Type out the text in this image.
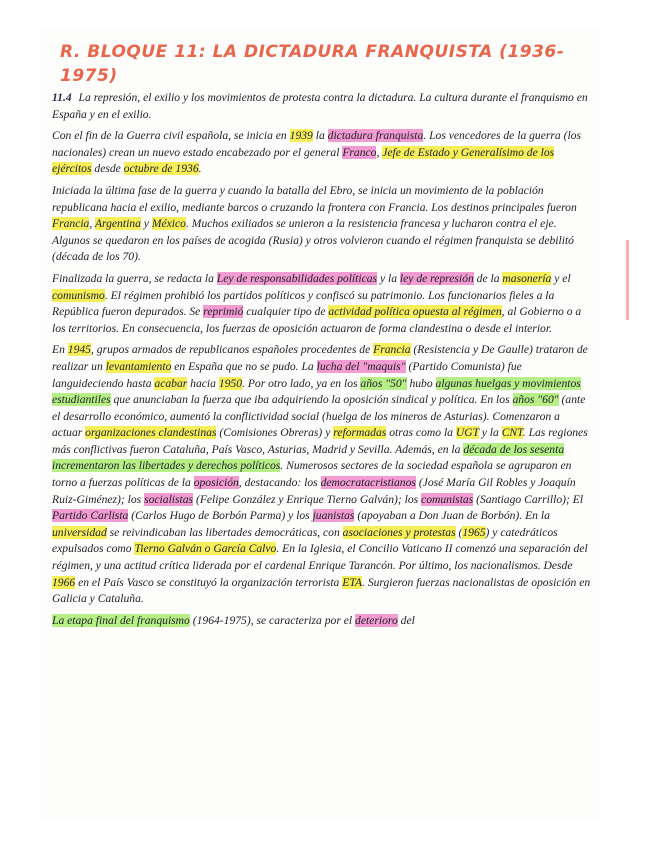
R. BLOQUE 11: LA DICTADURA FRANQUISTA (1936-1975)

11.4 La represión, el exilio y los movimientos de protesta contra la dictadura. La cultura durante el franquismo en España y en el exilio.

Con el fin de la Guerra civil española, se inicia en 1939 la dictadura franquista. Los vencedores de la guerra (los nacionales) crean un nuevo estado encabezado por el general Franco, Jefe de Estado y Generalísimo de los ejércitos desde octubre de 1936.

Iniciada la última fase de la guerra y cuando la batalla del Ebro, se inicia un movimiento de la población republicana hacia el exilio, mediante barcos o cruzando la frontera con Francia. Los destinos principales fueron Francia, Argentina y México. Muchos exiliados se unieron a la resistencia francesa y lucharon contra el eje. Algunos se quedaron en los países de acogida (Rusia) y otros volvieron cuando el régimen franquista se debilitó (década de los 70).

Finalizada la guerra, se redacta la Ley de responsabilidades políticas y la ley de represión de la masonería y el comunismo. El régimen prohibió los partidos políticos y confiscó su patrimonio. Los funcionarios fieles a la República fueron depurados. Se reprimió cualquier tipo de actividad política opuesta al régimen, al Gobierno o a los territorios. En consecuencia, los fuerzas de oposición actuaron de forma clandestina o desde el interior.

En 1945, grupos armados de republicanos españoles procedentes de Francia (Resistencia y De Gaulle) trataron de realizar un levantamiento en España que no se pudo. La lucha del "maquis" (Partido Comunista) fue languideciendo hasta acabar hacia 1950. Por otro lado, ya en los años "50" hubo algunas huelgas y movimientos estudiantiles que anunciaban la fuerza que iba adquiriendo la oposición sindical y política. En los años "60" (ante el desarrollo económico, aumentó la conflictividad social (huelga de los mineros de Asturias). Comenzaron a actuar organizaciones clandestinas (Comisiones Obreras) y reformadas otras como la UGT y la CNT. Las regiones más conflictivas fueron Cataluña, País Vasco, Asturias, Madrid y Sevilla. Además, en la década de los sesenta incrementaron las libertades y derechos políticos. Numerosos sectores de la sociedad española se agruparon en torno a fuerzas políticas de la oposición, destacando: los democratacristianos (José María Gil Robles y Joaquín Ruiz-Giménez); los socialistas (Felipe González y Enrique Tierno Galván); los comunistas (Santiago Carrillo); El Partido Carlista (Carlos Hugo de Borbón Parma) y los juanistas (apoyaban a Don Juan de Borbón). En la universidad se reivindicaban las libertades democráticas, con asociaciones y protestas (1965) y catedráticos expulsados como Tierno Galván o García Calvo. En la Iglesia, el Concilio Vaticano II comenzó una separación del régimen, y una actitud crítica liderada por el cardenal Enrique Tarancón. Por último, los nacionalismos. Desde 1966 en el País Vasco se constituyó la organización terrorista ETA. Surgieron fuerzas nacionalistas de oposición en Galicia y Cataluña.

La etapa final del franquismo (1964-1975), se caracteriza por el deterioro del
